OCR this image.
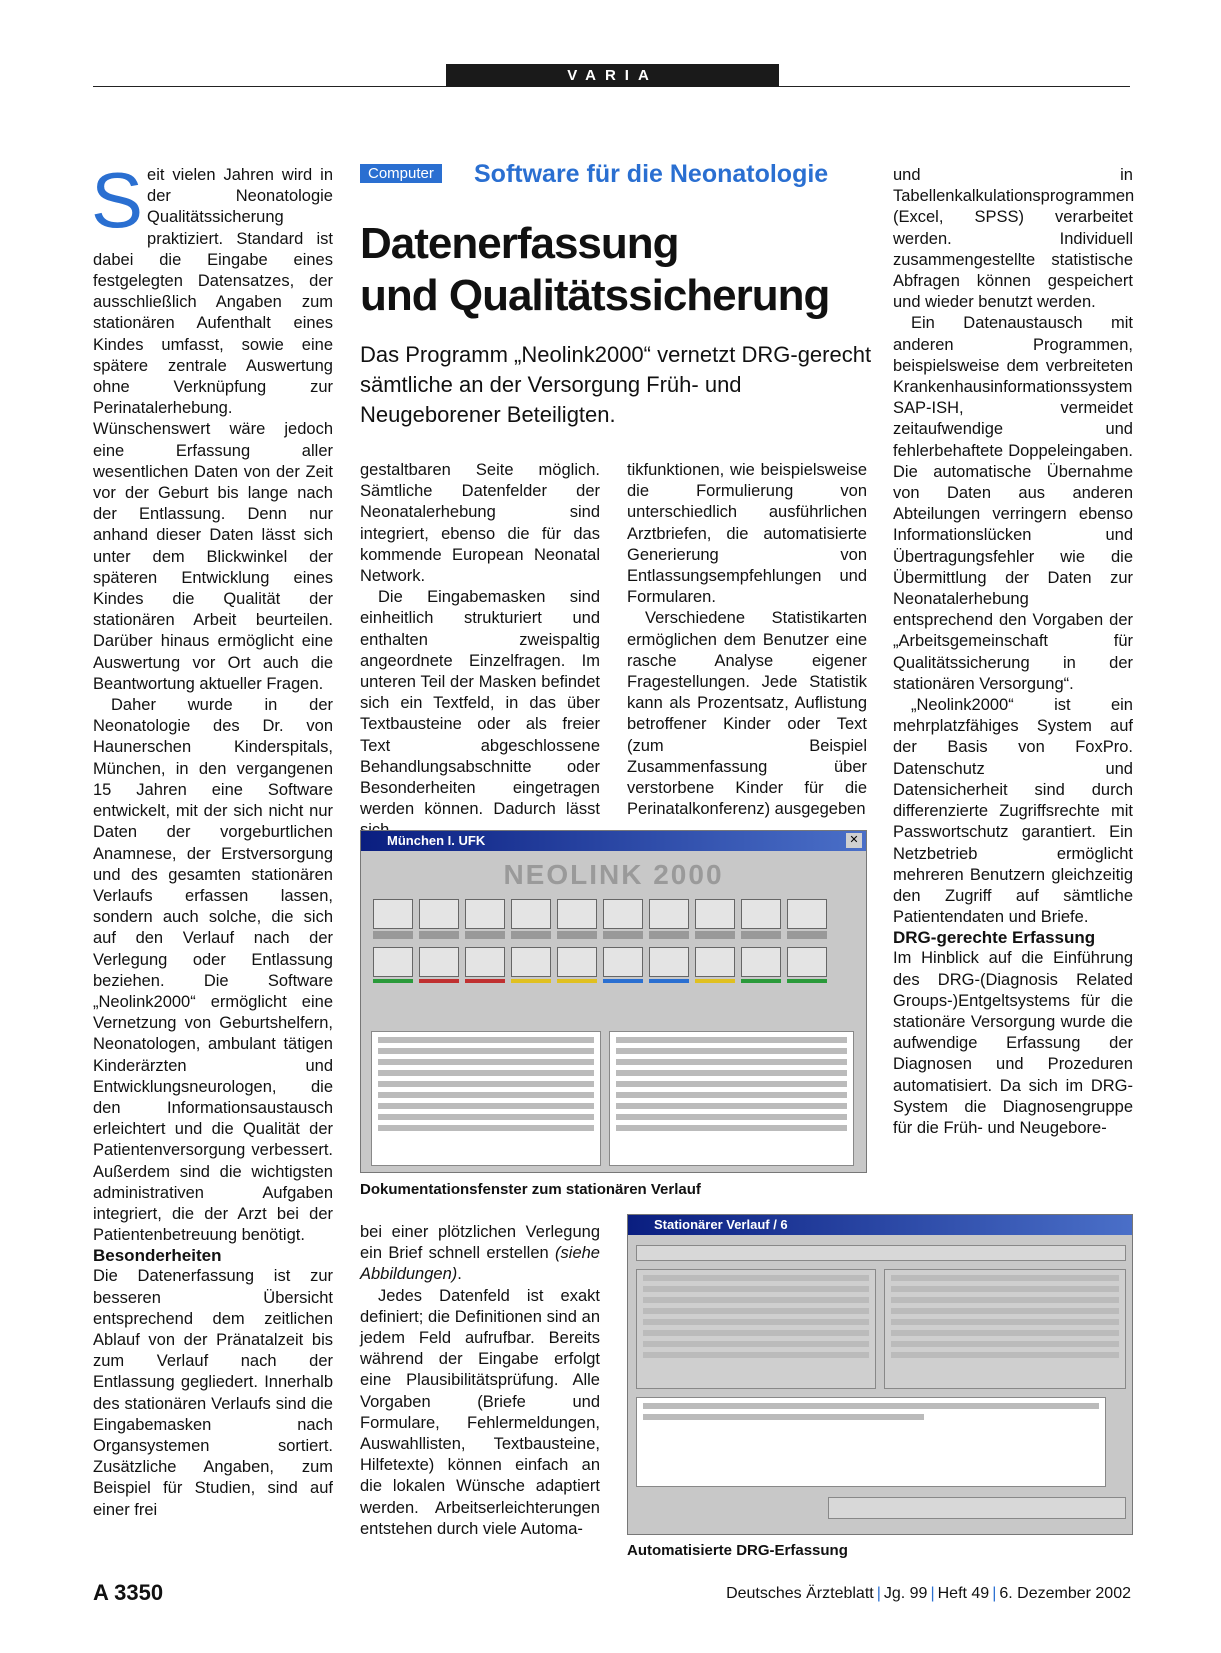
VARIA

Seit vielen Jahren wird in der Neonatologie Qualitätssicherung praktiziert. Standard ist dabei die Eingabe eines festgelegten Datensatzes, der ausschließlich Angaben zum stationären Aufenthalt eines Kindes umfasst, sowie eine spätere zentrale Auswertung ohne Verknüpfung zur Perinatalerhebung. Wünschenswert wäre jedoch eine Erfassung aller wesentlichen Daten von der Zeit vor der Geburt bis lange nach der Entlassung. Denn nur anhand dieser Daten lässt sich unter dem Blickwinkel der späteren Entwicklung eines Kindes die Qualität der stationären Arbeit beurteilen. Darüber hinaus ermöglicht eine Auswertung vor Ort auch die Beantwortung aktueller Fragen.

Daher wurde in der Neonatologie des Dr. von Haunerschen Kinderspitals, München, in den vergangenen 15 Jahren eine Software entwickelt, mit der sich nicht nur Daten der vorgeburtlichen Anamnese, der Erstversorgung und des gesamten stationären Verlaufs erfassen lassen, sondern auch solche, die sich auf den Verlauf nach der Verlegung oder Entlassung beziehen. Die Software „Neolink2000“ ermöglicht eine Vernetzung von Geburtshelfern, Neonatologen, ambulant tätigen Kinderärzten und Entwicklungsneurologen, die den Informationsaustausch erleichtert und die Qualität der Patientenversorgung verbessert. Außerdem sind die wichtigsten administrativen Aufgaben integriert, die der Arzt bei der Patientenbetreuung benötigt.

Besonderheiten

Die Datenerfassung ist zur besseren Übersicht entsprechend dem zeitlichen Ablauf von der Pränatalzeit bis zum Verlauf nach der Entlassung gegliedert. Innerhalb des stationären Verlaufs sind die Eingabemasken nach Organsystemen sortiert. Zusätzliche Angaben, zum Beispiel für Studien, sind auf einer frei

Computer	Software für die Neonatologie
Datenerfassung
und Qualitätssicherung
Das Programm „Neolink2000“ vernetzt DRG-gerecht sämtliche an der Versorgung Früh- und Neugeborener Beteiligten.

gestaltbaren Seite möglich. Sämtliche Datenfelder der Neonatalerhebung sind integriert, ebenso die für das kommende European Neonatal Network.

Die Eingabemasken sind einheitlich strukturiert und enthalten zweispaltig angeordnete Einzelfragen. Im unteren Teil der Masken befindet sich ein Textfeld, in das über Textbausteine oder als freier Text abgeschlossene Behandlungsabschnitte oder Besonderheiten eingetragen werden können. Dadurch lässt

tikfunktionen, wie beispielsweise die Formulierung von unterschiedlich ausführlichen Arztbriefen, die automatisierte Generierung von Entlassungsempfehlungen und Formularen.

Verschiedene Statistikarten ermöglichen dem Benutzer eine rasche Analyse eigener Fragestellungen. Jede Statistik kann als Prozentsatz, Auflistung betroffener Kinder oder Text (zum Beispiel Zusammenfassung über verstorbene Kinder für die Perinatalkonferenz) ausgegeben

München I. UFK	✕
NEOLINK 2000
Dokumentationsfenster zum stationären Verlauf

bei einer plötzlichen Verlegung ein Brief schnell erstellen (siehe Abbildungen).

Jedes Datenfeld ist exakt definiert; die Definitionen sind an jedem Feld aufrufbar. Bereits während der Eingabe erfolgt eine Plausibilitätsprüfung. Alle Vorgaben (Briefe und Formulare, Fehlermeldungen, Auswahllisten, Textbausteine, Hilfetexte) können einfach an die lokalen Wünsche adaptiert werden. Arbeitserleichterungen entstehen durch viele Automa-

Stationärer Verlauf / 6
Automatisierte DRG-Erfassung

und in Tabellenkalkulationsprogrammen (Excel, SPSS) verarbeitet werden. Individuell zusammengestellte statistische Abfragen können gespeichert und wieder benutzt werden.

Ein Datenaustausch mit anderen Programmen, beispielsweise dem verbreiteten Krankenhausinformationssystem SAP-ISH, vermeidet zeitaufwendige und fehlerbehaftete Doppeleingaben. Die automatische Übernahme von Daten aus anderen Abteilungen verringern ebenso Informationslücken und Übertragungsfehler wie die Übermittlung der Daten zur Neonatalerhebung entsprechend den Vorgaben der „Arbeitsgemeinschaft für Qualitätssicherung in der stationären Versorgung“.

„Neolink2000“ ist ein mehrplatzfähiges System auf der Basis von FoxPro. Datenschutz und Datensicherheit sind durch differenzierte Zugriffsrechte mit Passwortschutz garantiert. Ein Netzbetrieb ermöglicht mehreren Benutzern gleichzeitig den Zugriff auf sämtliche Patientendaten und Briefe.

DRG-gerechte Erfassung

Im Hinblick auf die Einführung des DRG-(Diagnosis Related Groups-)Entgeltsystems für die stationäre Versorgung wurde die aufwendige Erfassung der Diagnosen und Prozeduren automatisiert. Da sich im DRG-System die Diagnosengruppe für die Früh- und Neugebore-

A 3350	Deutsches Ärzteblatt | Jg. 99 | Heft 49 | 6. Dezember 2002
